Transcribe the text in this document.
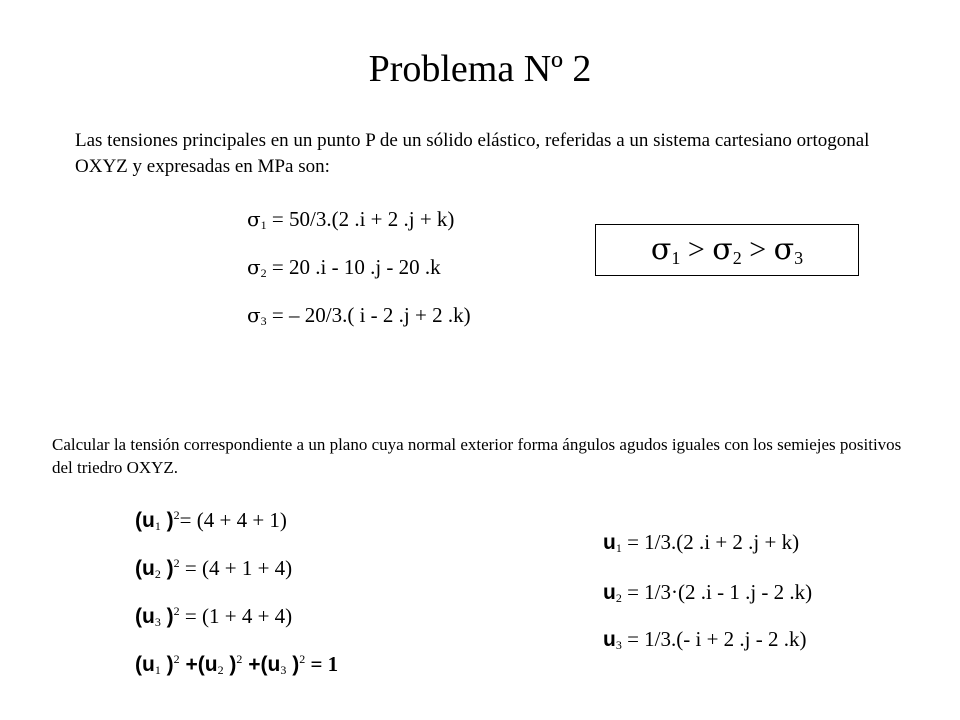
Problema Nº 2
Las tensiones principales en un punto P de un sólido elástico, referidas a un sistema cartesiano ortogonal OXYZ y expresadas en MPa son:
$\sigma_1 = 50/3.(2$ .i + 2 .j + k)
$\sigma_2 = 20$ .i - 10 .j - 20 .k
$\sigma_3$ = – 20/3.( i - 2 .j + 2 .k)
$\sigma_1 > \sigma_2 > \sigma_3$
Calcular la tensión correspondiente a un plano cuya normal exterior forma ángulos agudos iguales con los semiejes positivos del triedro OXYZ.
($u_1$ )$^2$= (4 + 4 + 1)
($u_2$ )$^2$ = (4 + 1 + 4)
($u_3$ )$^2$ = (1 + 4 + 4)
($u_1$ )$^2 +(u_2$ )$^2 +(u_3$ )$^2$ = 1
$u_1 = 1/3.(2$ .i + 2 .j + k)
$u_2 = 1/3\cdot(2$ .i - 1 .j - 2 .k)
$u_3 = 1/3.(-$ i + 2 .j - 2 .k)
